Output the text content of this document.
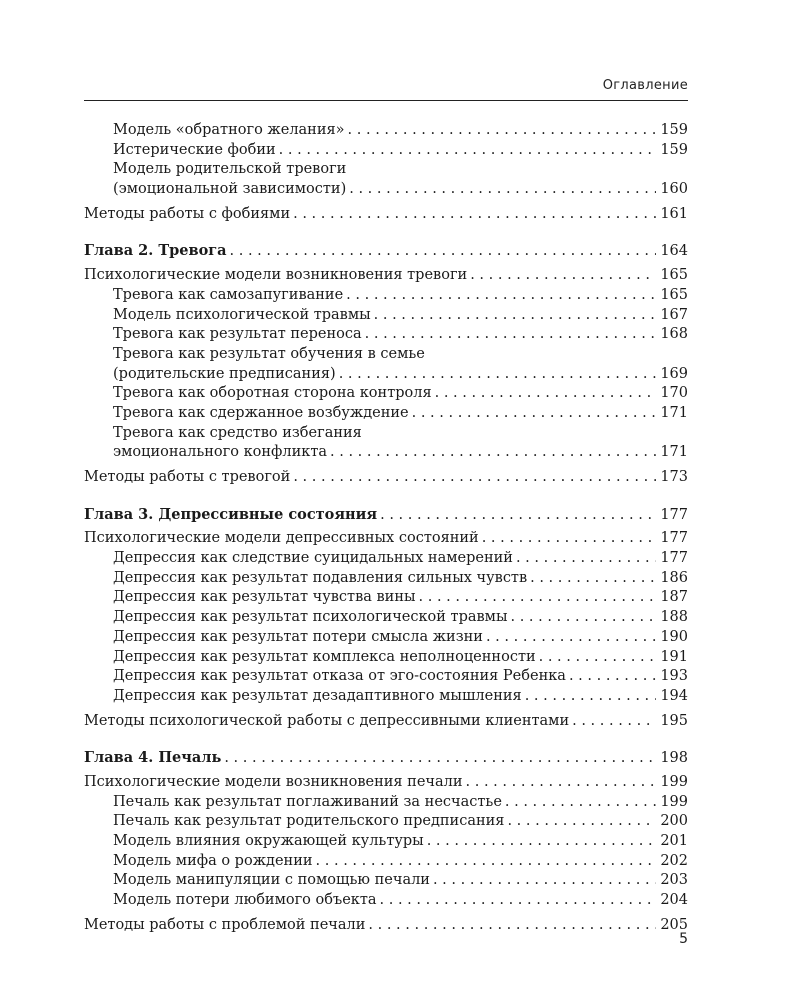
Оглавление
Модель «обратного желания» . . .	159
Истерические фобии . . .	159
Модель родительской тревоги
(эмоциональной зависимости) . . .	160
Методы работы с фобиями . . .	161
Глава 2. Тревога . . .	164
Психологические модели возникновения тревоги . . .	165
Тревога как самозапугивание . . .	165
Модель психологической травмы . . .	167
Тревога как результат переноса . . .	168
Тревога как результат обучения в семье
(родительские предписания) . . .	169
Тревога как оборотная сторона контроля . . .	170
Тревога как сдержанное возбуждение . . .	171
Тревога как средство избегания
эмоционального конфликта . . .	171
Методы работы с тревогой . . .	173
Глава 3. Депрессивные состояния . . .	177
Психологические модели депрессивных состояний . . .	177
Депрессия как следствие суицидальных намерений . . .	177
Депрессия как результат подавления сильных чувств . . .	186
Депрессия как результат чувства вины . . .	187
Депрессия как результат психологической травмы . . .	188
Депрессия как результат потери смысла жизни . . .	190
Депрессия как результат комплекса неполноценности . . .	191
Депрессия как результат отказа от эго-состояния Ребенка . . .	193
Депрессия как результат дезадаптивного мышления . . .	194
Методы психологической работы с депрессивными клиентами . . .	195
Глава 4. Печаль . . .	198
Психологические модели возникновения печали . . .	199
Печаль как результат поглаживаний за несчастье . . .	199
Печаль как результат родительского предписания . . .	200
Модель влияния окружающей культуры . . .	201
Модель мифа о рождении . . .	202
Модель манипуляции с помощью печали . . .	203
Модель потери любимого объекта . . .	204
Методы работы с проблемой печали . . .	205
5
